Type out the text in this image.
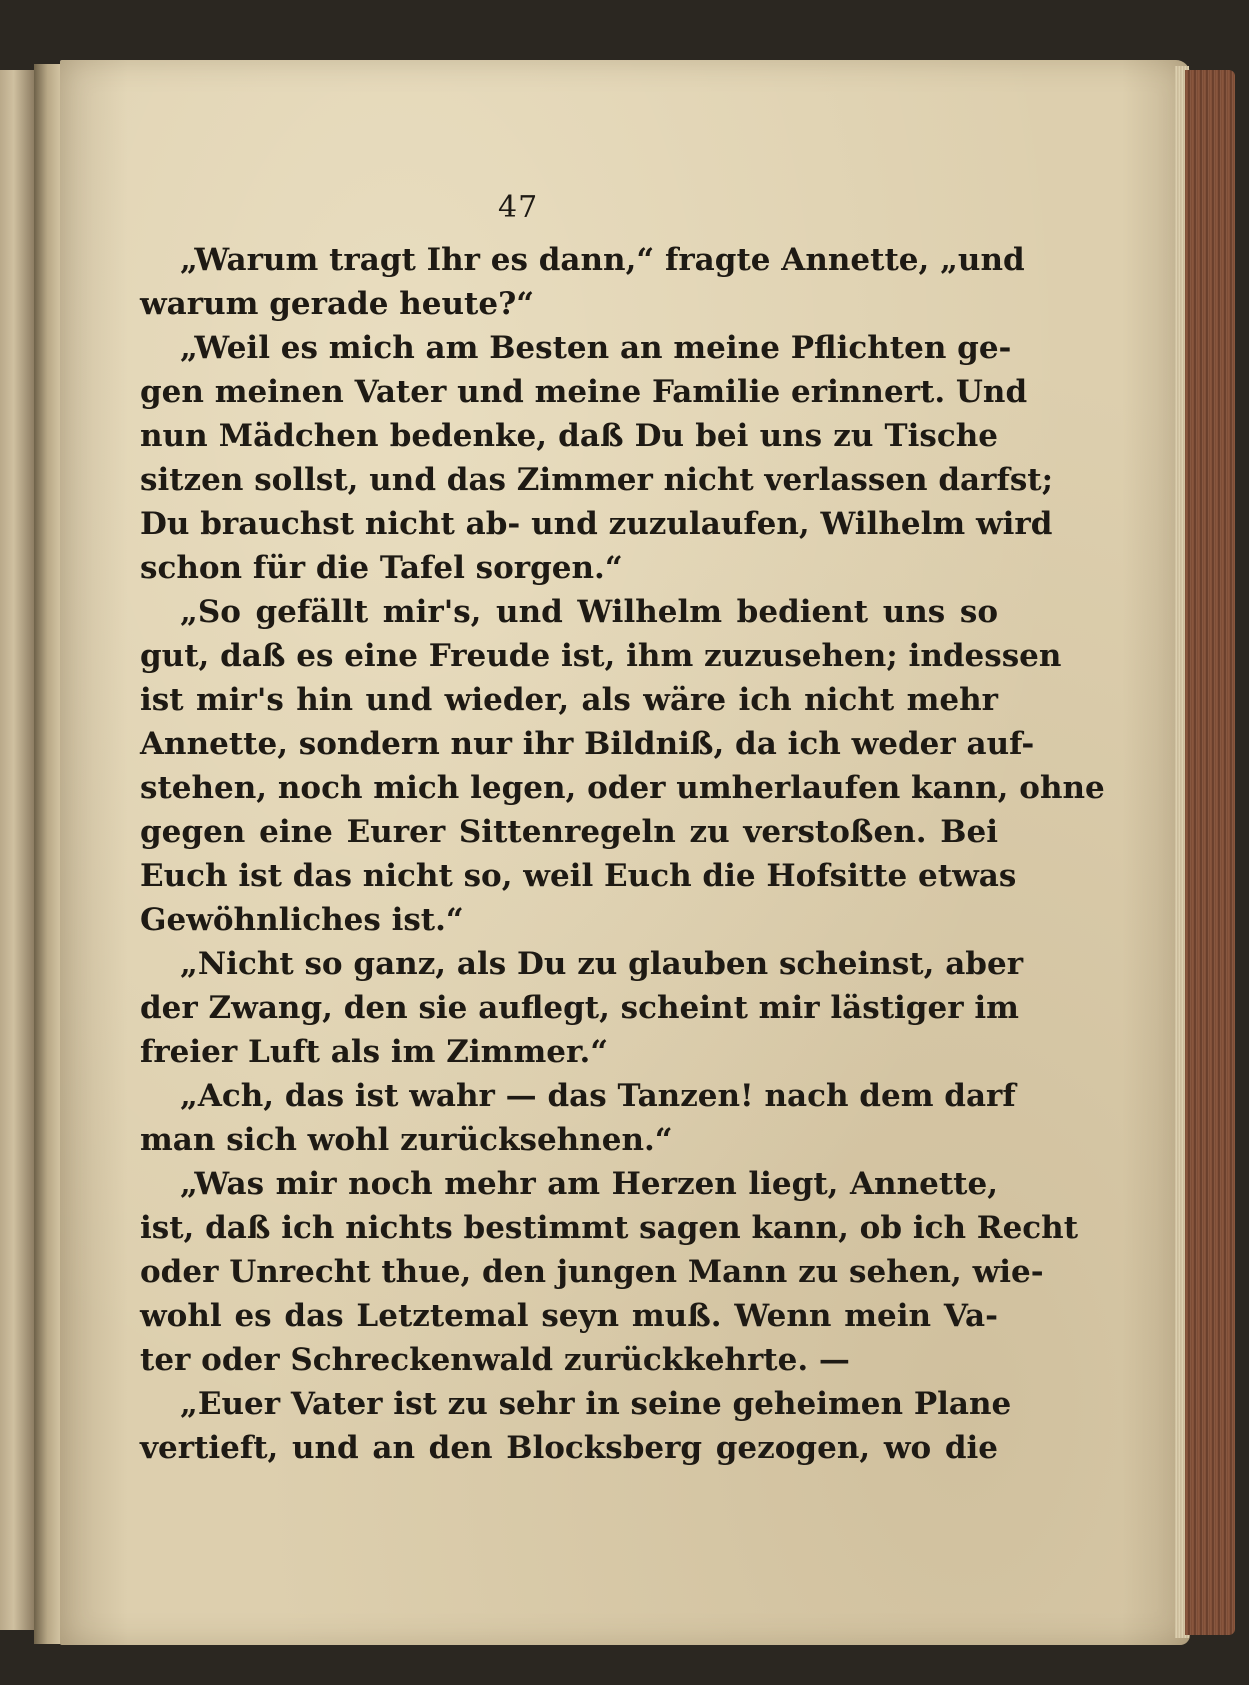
47
„Warum tragt Ihr es dann,“ fragte Annette, „und
warum gerade heute?“
„Weil es mich am Besten an meine Pflichten ge-
gen meinen Vater und meine Familie erinnert. Und
nun Mädchen bedenke, daß Du bei uns zu Tische
sitzen sollst, und das Zimmer nicht verlassen darfst;
Du brauchst nicht ab- und zuzulaufen, Wilhelm wird
schon für die Tafel sorgen.“
„So gefällt mir's, und Wilhelm bedient uns so
gut, daß es eine Freude ist, ihm zuzusehen; indessen
ist mir's hin und wieder, als wäre ich nicht mehr
Annette, sondern nur ihr Bildniß, da ich weder auf-
stehen, noch mich legen, oder umherlaufen kann, ohne
gegen eine Eurer Sittenregeln zu verstoßen. Bei
Euch ist das nicht so, weil Euch die Hofsitte etwas
Gewöhnliches ist.“
„Nicht so ganz, als Du zu glauben scheinst, aber
der Zwang, den sie auflegt, scheint mir lästiger im
freier Luft als im Zimmer.“
„Ach, das ist wahr — das Tanzen! nach dem darf
man sich wohl zurücksehnen.“
„Was mir noch mehr am Herzen liegt, Annette,
ist, daß ich nichts bestimmt sagen kann, ob ich Recht
oder Unrecht thue, den jungen Mann zu sehen, wie-
wohl es das Letztemal seyn muß. Wenn mein Va-
ter oder Schreckenwald zurückkehrte. —
„Euer Vater ist zu sehr in seine geheimen Plane
vertieft, und an den Blocksberg gezogen, wo die
